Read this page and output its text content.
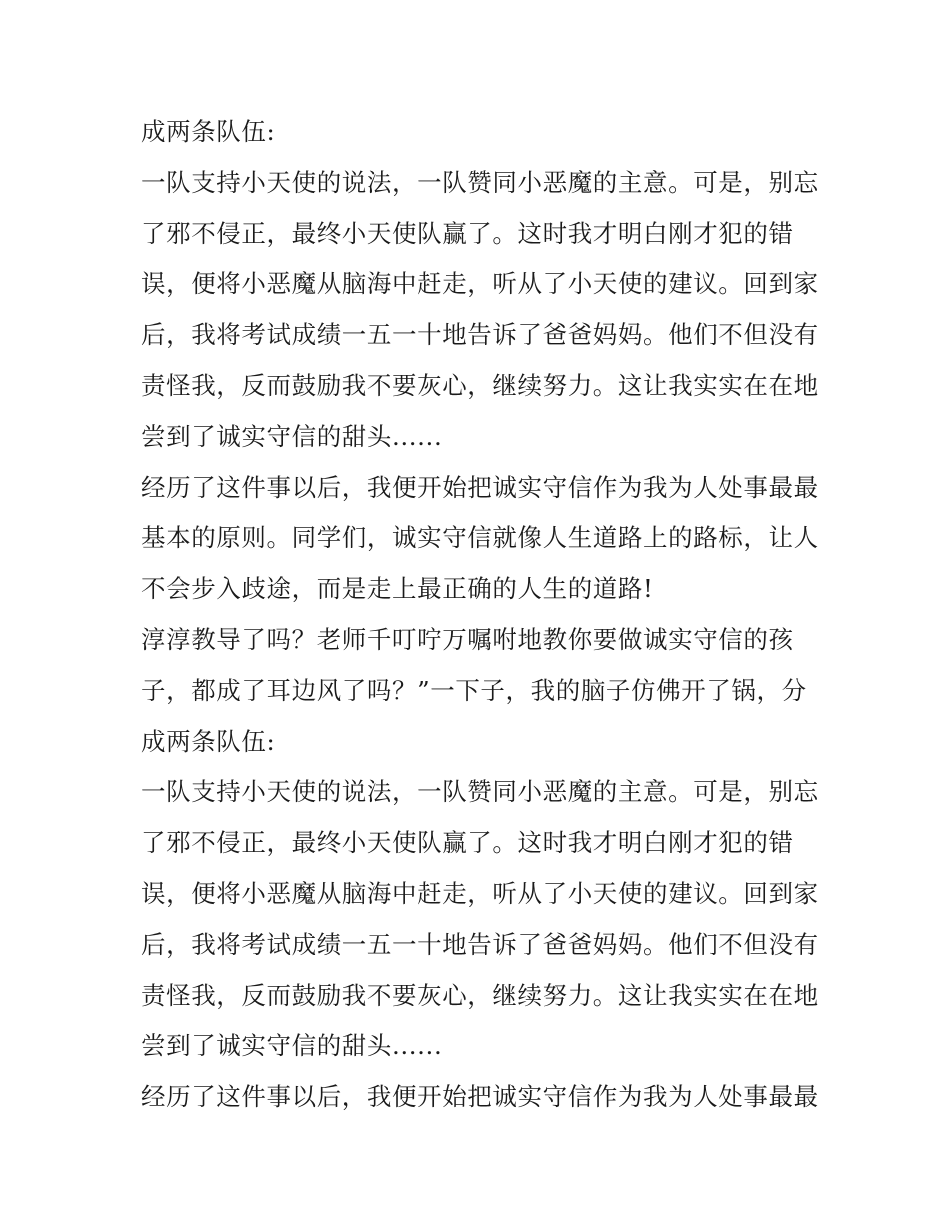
成两条队伍:
一队支持小天使的说法，一队赞同小恶魔的主意。可是，别忘
了邪不侵正，最终小天使队赢了。这时我才明白刚才犯的错
误，便将小恶魔从脑海中赶走，听从了小天使的建议。回到家
后，我将考试成绩一五一十地告诉了爸爸妈妈。他们不但没有
责怪我，反而鼓励我不要灰心，继续努力。这让我实实在在地
尝到了诚实守信的甜头......
经历了这件事以后，我便开始把诚实守信作为我为人处事最最
基本的原则。同学们，诚实守信就像人生道路上的路标，让人
不会步入歧途，而是走上最正确的人生的道路!
淳淳教导了吗？老师千叮咛万嘱咐地教你要做诚实守信的孩
子，都成了耳边风了吗？”一下子，我的脑子仿佛开了锅，分
成两条队伍:
一队支持小天使的说法，一队赞同小恶魔的主意。可是，别忘
了邪不侵正，最终小天使队赢了。这时我才明白刚才犯的错
误，便将小恶魔从脑海中赶走，听从了小天使的建议。回到家
后，我将考试成绩一五一十地告诉了爸爸妈妈。他们不但没有
责怪我，反而鼓励我不要灰心，继续努力。这让我实实在在地
尝到了诚实守信的甜头......
经历了这件事以后，我便开始把诚实守信作为我为人处事最最
